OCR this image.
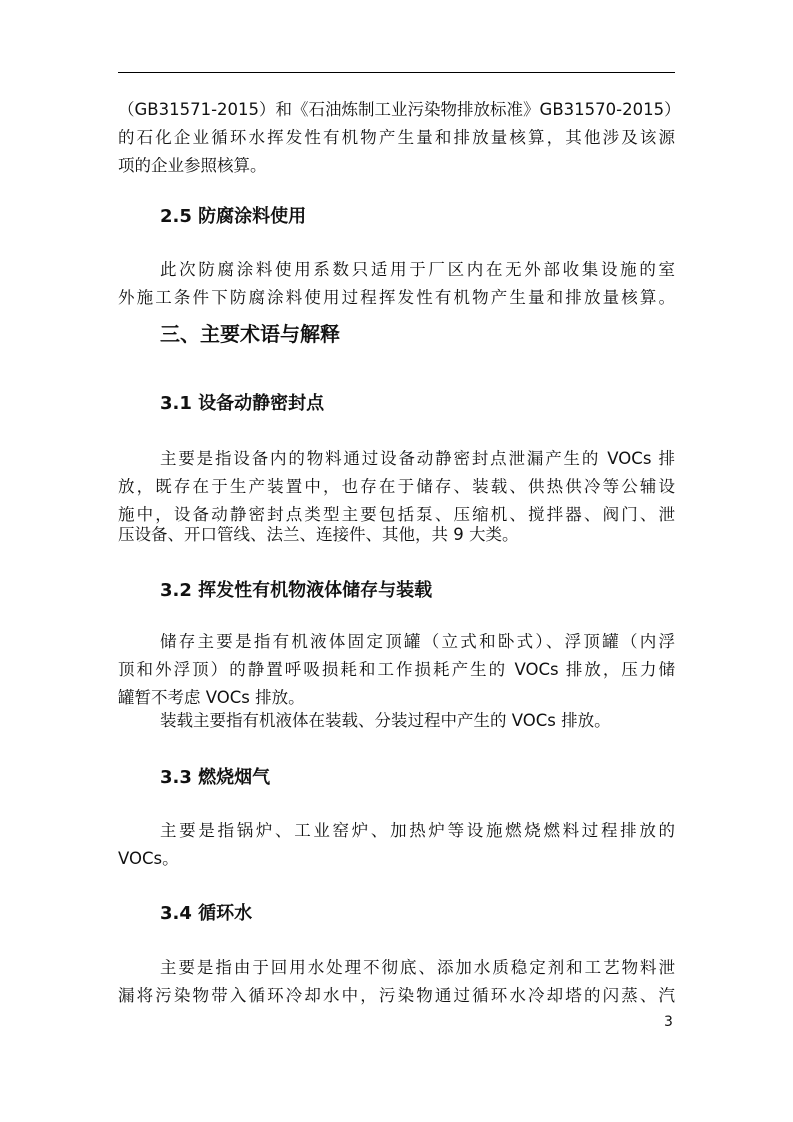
（GB31571-2015）和《石油炼制工业污染物排放标准》GB31570-2015）
的石化企业循环水挥发性有机物产生量和排放量核算，其他涉及该源
项的企业参照核算。
2.5 防腐涂料使用
此次防腐涂料使用系数只适用于厂区内在无外部收集设施的室
外施工条件下防腐涂料使用过程挥发性有机物产生量和排放量核算。
三、主要术语与解释
3.1 设备动静密封点
主要是指设备内的物料通过设备动静密封点泄漏产生的 VOCs 排
放，既存在于生产装置中，也存在于储存、装载、供热供冷等公辅设
施中，设备动静密封点类型主要包括泵、压缩机、搅拌器、阀门、泄
压设备、开口管线、法兰、连接件、其他，共 9 大类。
3.2 挥发性有机物液体储存与装载
储存主要是指有机液体固定顶罐（立式和卧式）、浮顶罐（内浮
顶和外浮顶）的静置呼吸损耗和工作损耗产生的 VOCs 排放，压力储
罐暂不考虑 VOCs 排放。
装载主要指有机液体在装载、分装过程中产生的 VOCs 排放。
3.3 燃烧烟气
主要是指锅炉、工业窑炉、加热炉等设施燃烧燃料过程排放的
VOCs。
3.4 循环水
主要是指由于回用水处理不彻底、添加水质稳定剂和工艺物料泄
漏将污染物带入循环冷却水中，污染物通过循环水冷却塔的闪蒸、汽
3
